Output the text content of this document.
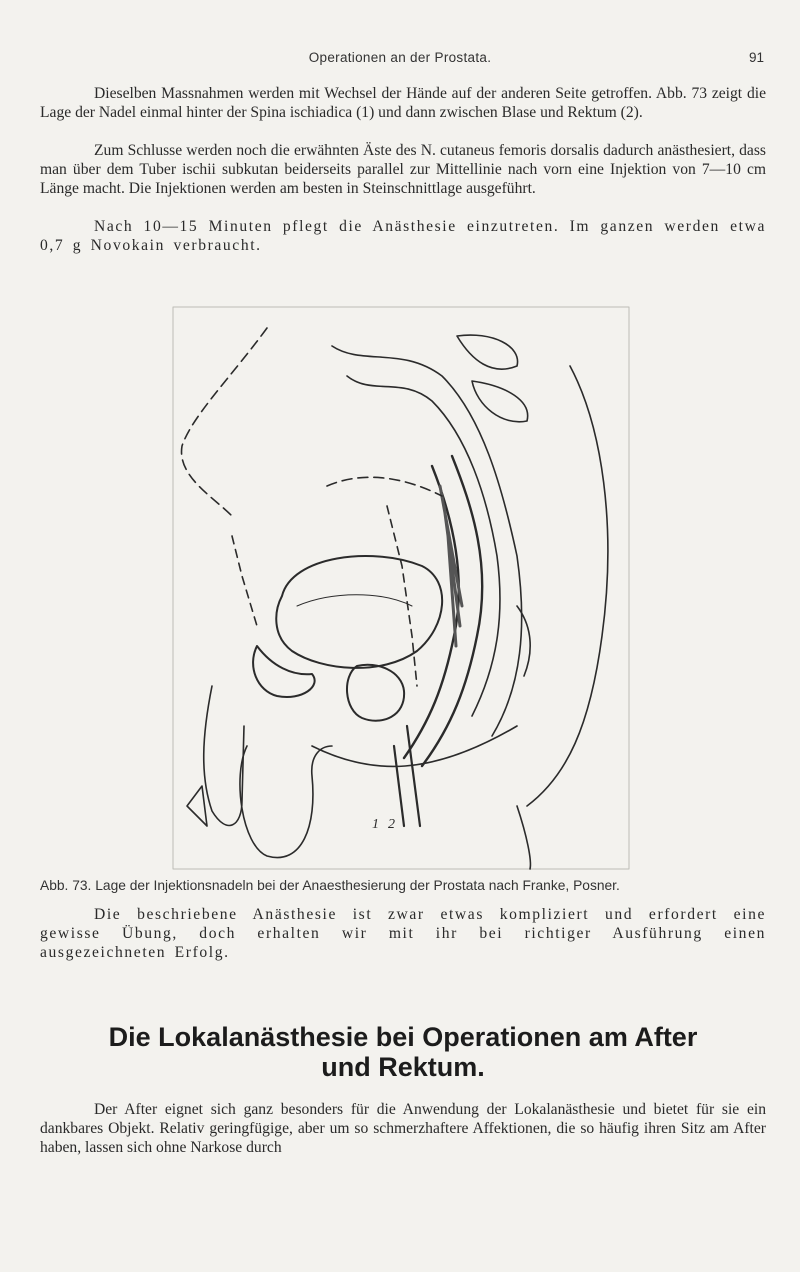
Operationen an der Prostata.	91

Dieselben Massnahmen werden mit Wechsel der Hände auf der anderen Seite getroffen. Abb. 73 zeigt die Lage der Nadel einmal hinter der Spina ischiadica (1) und dann zwischen Blase und Rektum (2).

Zum Schlusse werden noch die erwähnten Äste des N. cutaneus femoris dorsalis dadurch anästhesiert, dass man über dem Tuber ischii subkutan beiderseits parallel zur Mittellinie nach vorn eine Injektion von 7—10 cm Länge macht. Die Injektionen werden am besten in Steinschnittlage ausgeführt.

Nach 10—15 Minuten pflegt die Anästhesie einzutreten. Im ganzen werden etwa 0,7 g Novokain verbraucht.

1 2
Abb. 73. Lage der Injektionsnadeln bei der Anaesthesierung der Prostata nach Franke, Posner.

Die beschriebene Anästhesie ist zwar etwas kompliziert und erfordert eine gewisse Übung, doch erhalten wir mit ihr bei richtiger Ausführung einen ausgezeichneten Erfolg.

Die Lokalanästhesie bei Operationen am After
und Rektum.

Der After eignet sich ganz besonders für die Anwendung der Lokalanästhesie und bietet für sie ein dankbares Objekt. Relativ geringfügige, aber um so schmerzhaftere Affektionen, die so häufig ihren Sitz am After haben, lassen sich ohne Narkose durch
